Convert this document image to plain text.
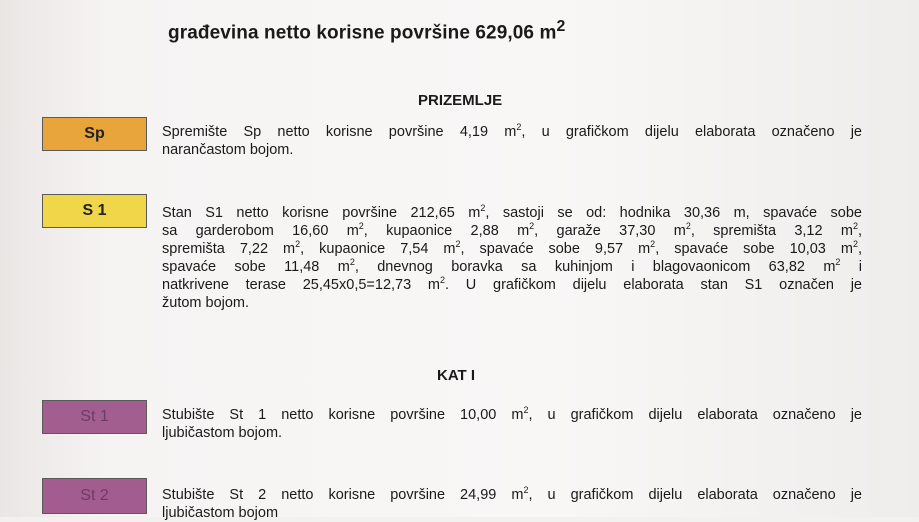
građevina netto korisne površine 629,06 $m^2$
PRIZEMLJE
Sp	Spremište Sp netto korisne površine 4,19 $m^2$, u grafičkom dijelu elaborata označeno je
narančastom bojom.
S 1	Stan S1 netto korisne površine 212,65 $m^2$, sastoji se od: hodnika 30,36 m, spavaće sobe
sa garderobom 16,60 $m^2$, kupaonice 2,88 $m^2$, garaže 37,30 $m^2$, spremišta 3,12 $m^2$,
spremišta 7,22 $m^2$, kupaonice 7,54 $m^2$, spavaće sobe 9,57 $m^2$, spavaće sobe 10,03 $m^2$,
spavaće sobe 11,48 $m^2$, dnevnog boravka sa kuhinjom i blagovaonicom 63,82 $m^2$ i
natkrivene terase 25,45x0,5=12,73 $m^2$. U grafičkom dijelu elaborata stan S1 označen je
žutom bojom.
KAT I
St 1	Stubište St 1 netto korisne površine 10,00 $m^2$, u grafičkom dijelu elaborata označeno je
ljubičastom bojom.
St 2	Stubište St 2 netto korisne površine 24,99 $m^2$, u grafičkom dijelu elaborata označeno je
ljubičastom bojom
